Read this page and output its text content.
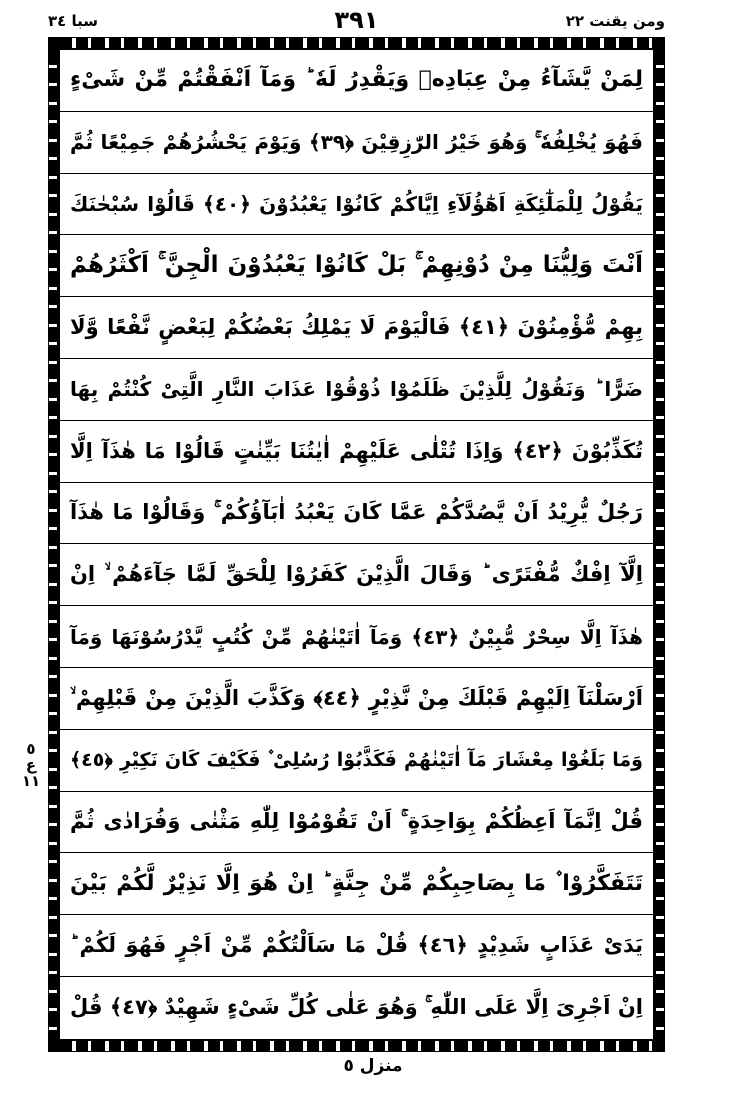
سبا ٣٤	٣٩١	ومن يقنت ٢٢
٥
ع
١١
لِمَنْ يَّشَآءُ مِنْ عِبَادِهٖ وَيَقْدِرُ لَهٗ ؕ وَمَآ اَنْفَقْتُمْ مِّنْ شَیْءٍ
فَهُوَ يُخْلِفُهٗ ۚ وَهُوَ خَيْرُ الرّٰزِقِيْنَ ﴿٣٩﴾ وَيَوْمَ يَحْشُرُهُمْ جَمِيْعًا ثُمَّ
يَقُوْلُ لِلْمَلٰٓئِكَةِ اَهٰٓؤُلَآءِ اِيَّاكُمْ كَانُوْا يَعْبُدُوْنَ ﴿٤٠﴾ قَالُوْا سُبْحٰنَكَ
اَنْتَ وَلِيُّنَا مِنْ دُوْنِهِمْ ۚ بَلْ كَانُوْا يَعْبُدُوْنَ الْجِنَّ ۚ اَكْثَرُهُمْ
بِهِمْ مُّؤْمِنُوْنَ ﴿٤١﴾ فَالْيَوْمَ لَا يَمْلِكُ بَعْضُكُمْ لِبَعْضٍ نَّفْعًا وَّلَا
ضَرًّا ؕ وَنَقُوْلُ لِلَّذِيْنَ ظَلَمُوْا ذُوْقُوْا عَذَابَ النَّارِ الَّتِیْ كُنْتُمْ بِهَا
تُكَذِّبُوْنَ ﴿٤٢﴾ وَاِذَا تُتْلٰى عَلَيْهِمْ اٰيٰتُنَا بَيِّنٰتٍ قَالُوْا مَا هٰذَآ اِلَّا
رَجُلٌ يُّرِيْدُ اَنْ يَّصُدَّكُمْ عَمَّا كَانَ يَعْبُدُ اٰبَآؤُكُمْ ۚ وَقَالُوْا مَا هٰذَآ
اِلَّآ اِفْكٌ مُّفْتَرًى ؕ وَقَالَ الَّذِيْنَ كَفَرُوْا لِلْحَقِّ لَمَّا جَآءَهُمْ ۙ اِنْ
هٰذَآ اِلَّا سِحْرٌ مُّبِيْنٌ ﴿٤٣﴾ وَمَآ اٰتَيْنٰهُمْ مِّنْ كُتُبٍ يَّدْرُسُوْنَهَا وَمَآ
اَرْسَلْنَآ اِلَيْهِمْ قَبْلَكَ مِنْ نَّذِيْرٍ ﴿٤٤﴾ وَكَذَّبَ الَّذِيْنَ مِنْ قَبْلِهِمْ ۙ
وَمَا بَلَغُوْا مِعْشَارَ مَآ اٰتَيْنٰهُمْ فَكَذَّبُوْا رُسُلِیْ ۫ فَكَيْفَ كَانَ نَكِيْرِ ﴿٤٥﴾
قُلْ اِنَّمَآ اَعِظُكُمْ بِوَاحِدَةٍ ۚ اَنْ تَقُوْمُوْا لِلّٰهِ مَثْنٰى وَفُرَادٰى ثُمَّ
تَتَفَكَّرُوْا ۫ مَا بِصَاحِبِكُمْ مِّنْ جِنَّةٍ ؕ اِنْ هُوَ اِلَّا نَذِيْرٌ لَّكُمْ بَيْنَ
يَدَیْ عَذَابٍ شَدِيْدٍ ﴿٤٦﴾ قُلْ مَا سَاَلْتُكُمْ مِّنْ اَجْرٍ فَهُوَ لَكُمْ ؕ
اِنْ اَجْرِیَ اِلَّا عَلَى اللّٰهِ ۚ وَهُوَ عَلٰى كُلِّ شَیْءٍ شَهِيْدٌ ﴿٤٧﴾ قُلْ
منزل ٥
